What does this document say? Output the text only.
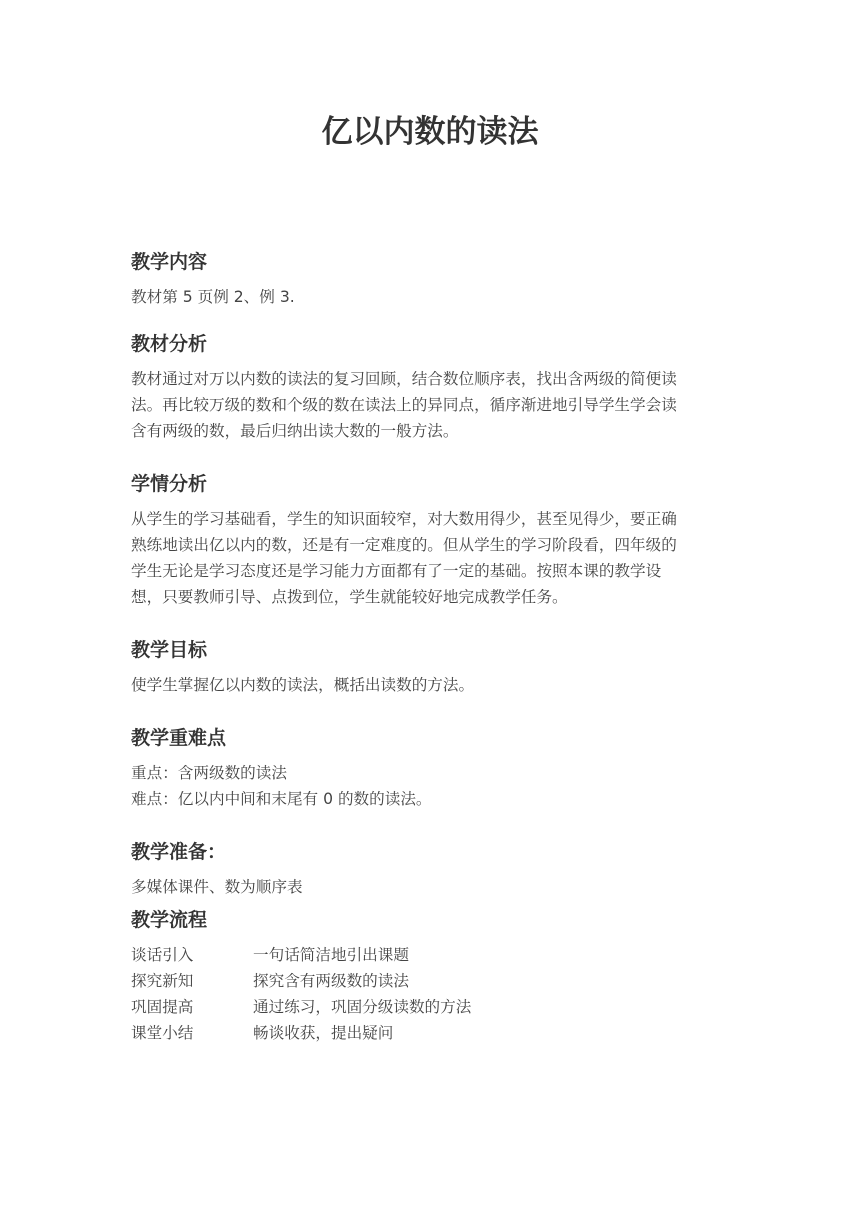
亿以内数的读法
教学内容

教材第 5 页例 2、例 3.

教材分析

教材通过对万以内数的读法的复习回顾，结合数位顺序表，找出含两级的简便读

法。再比较万级的数和个级的数在读法上的异同点，循序渐进地引导学生学会读

含有两级的数，最后归纳出读大数的一般方法。

学情分析

从学生的学习基础看，学生的知识面较窄，对大数用得少，甚至见得少，要正确

熟练地读出亿以内的数，还是有一定难度的。但从学生的学习阶段看，四年级的

学生无论是学习态度还是学习能力方面都有了一定的基础。按照本课的教学设

想，只要教师引导、点拨到位，学生就能较好地完成教学任务。

教学目标

使学生掌握亿以内数的读法，概括出读数的方法。

教学重难点

重点：含两级数的读法

难点：亿以内中间和末尾有 0 的数的读法。

教学准备：

多媒体课件、数为顺序表

教学流程
谈话引入	一句话简洁地引出课题
探究新知	探究含有两级数的读法
巩固提高	通过练习，巩固分级读数的方法
课堂小结	畅谈收获，提出疑问
